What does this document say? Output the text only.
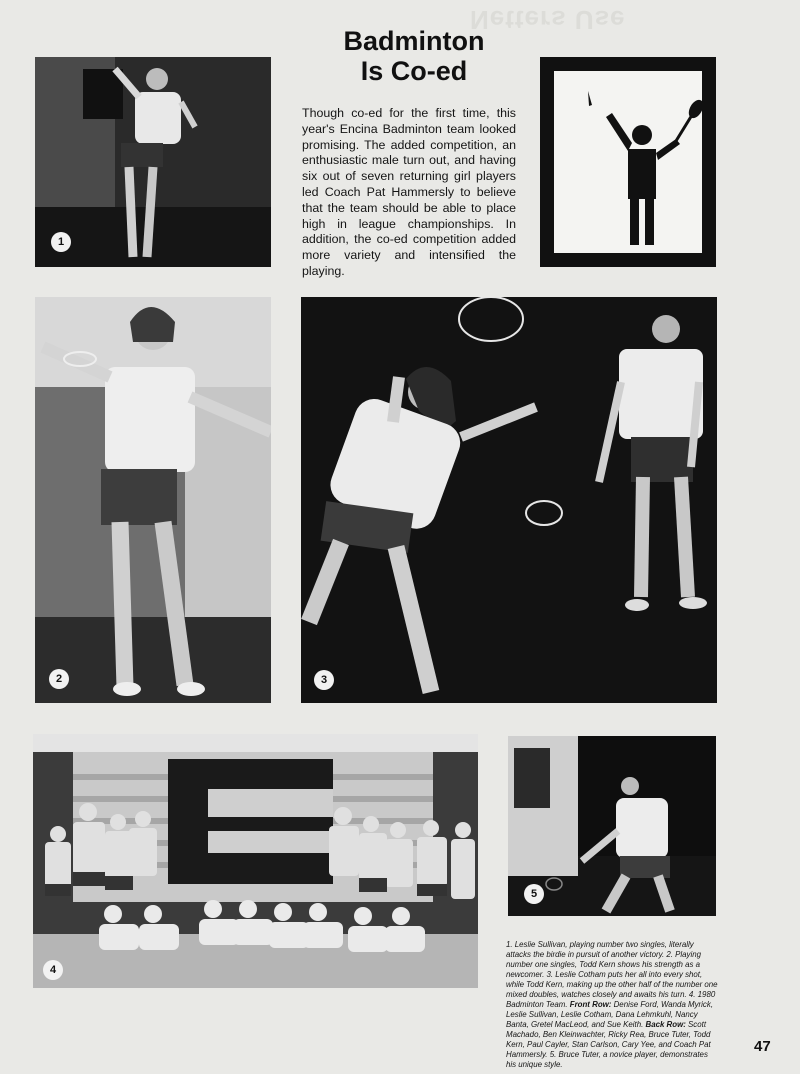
Netters Use
Badminton
Is Co-ed
Though co-ed for the first time, this year's Encina Badminton team looked promising. The added competition, an enthusiastic male turn out, and having six out of seven returning girl players led Coach Pat Hammersly to believe that the team should be able to place high in league championships. In addition, the co-ed competition added more variety and intensified the playing.
1
2	3
4
5
1. Leslie Sullivan, playing number two singles, literally attacks the birdie in pursuit of another victory. 2. Playing number one singles, Todd Kern shows his strength as a newcomer. 3. Leslie Cotham puts her all into every shot, while Todd Kern, making up the other half of the number one mixed doubles, watches closely and awaits his turn. 4. 1980 Badminton Team. Front Row: Denise Ford, Wanda Myrick, Leslie Sullivan, Leslie Cotham, Dana Lehmkuhl, Nancy Banta, Gretel MacLeod, and Sue Keith. Back Row: Scott Machado, Ben Kleinwachter, Ricky Rea, Bruce Tuter, Todd Kern, Paul Cayler, Stan Carlson, Cary Yee, and Coach Pat Hammersly. 5. Bruce Tuter, a novice player, demonstrates his unique style.
47
